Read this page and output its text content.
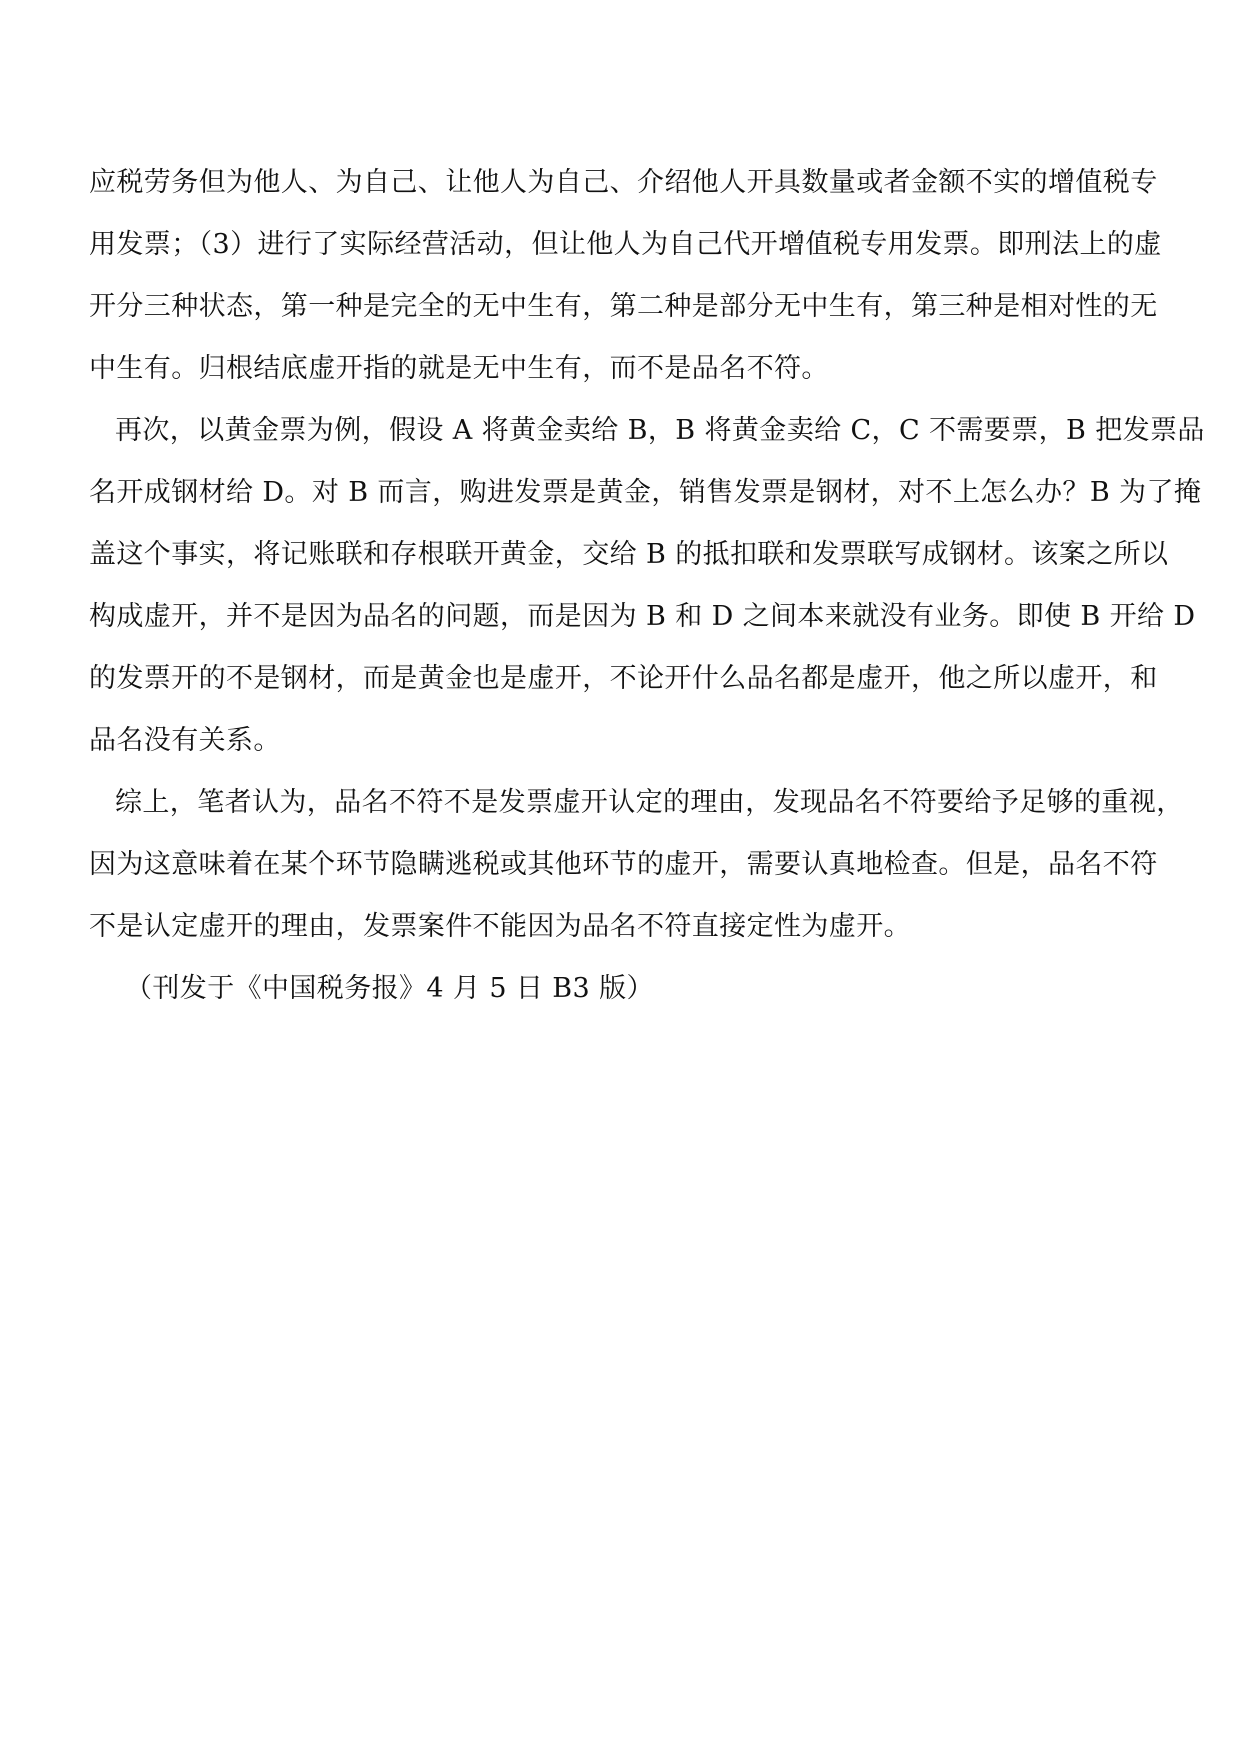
应税劳务但为他人、为自己、让他人为自己、介绍他人开具数量或者金额不实的增值税专
用发票；（3）进行了实际经营活动，但让他人为自己代开增值税专用发票。即刑法上的虚
开分三种状态，第一种是完全的无中生有，第二种是部分无中生有，第三种是相对性的无
中生有。归根结底虚开指的就是无中生有，而不是品名不符。

再次，以黄金票为例，假设 A 将黄金卖给 B，B 将黄金卖给 C，C 不需要票，B 把发票品
名开成钢材给 D。对 B 而言，购进发票是黄金，销售发票是钢材，对不上怎么办？B 为了掩
盖这个事实，将记账联和存根联开黄金，交给 B 的抵扣联和发票联写成钢材。该案之所以
构成虚开，并不是因为品名的问题，而是因为 B 和 D 之间本来就没有业务。即使 B 开给 D
的发票开的不是钢材，而是黄金也是虚开，不论开什么品名都是虚开，他之所以虚开，和
品名没有关系。

综上，笔者认为，品名不符不是发票虚开认定的理由，发现品名不符要给予足够的重视，
因为这意味着在某个环节隐瞒逃税或其他环节的虚开，需要认真地检查。但是，品名不符
不是认定虚开的理由，发票案件不能因为品名不符直接定性为虚开。

（刊发于《中国税务报》4 月 5 日 B3 版）
